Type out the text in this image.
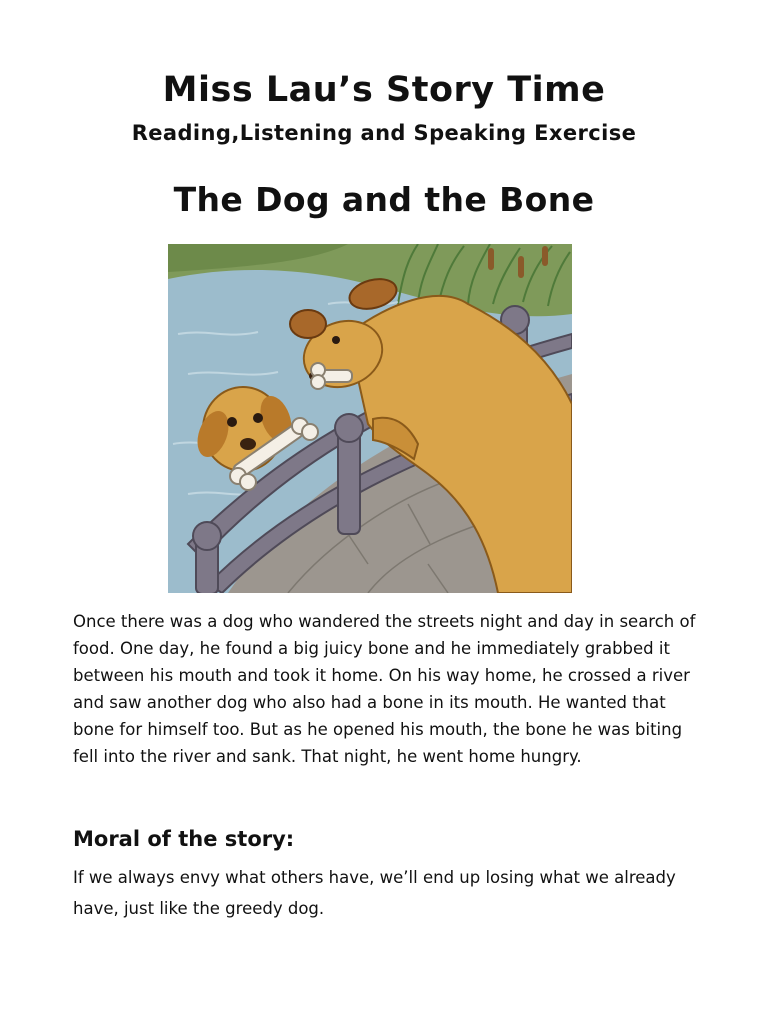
Miss Lau’s Story Time
Reading,Listening and Speaking Exercise
The Dog and the Bone

Once there was a dog who wandered the streets night and day in search of food. One day, he found a big juicy bone and he immediately grabbed it between his mouth and took it home. On his way home, he crossed a river and saw another dog who also had a bone in its mouth. He wanted that bone for himself too. But as he opened his mouth, the bone he was biting fell into the river and sank. That night, he went home hungry.

Moral of the story:

If we always envy what others have, we’ll end up losing what we already have, just like the greedy dog.
